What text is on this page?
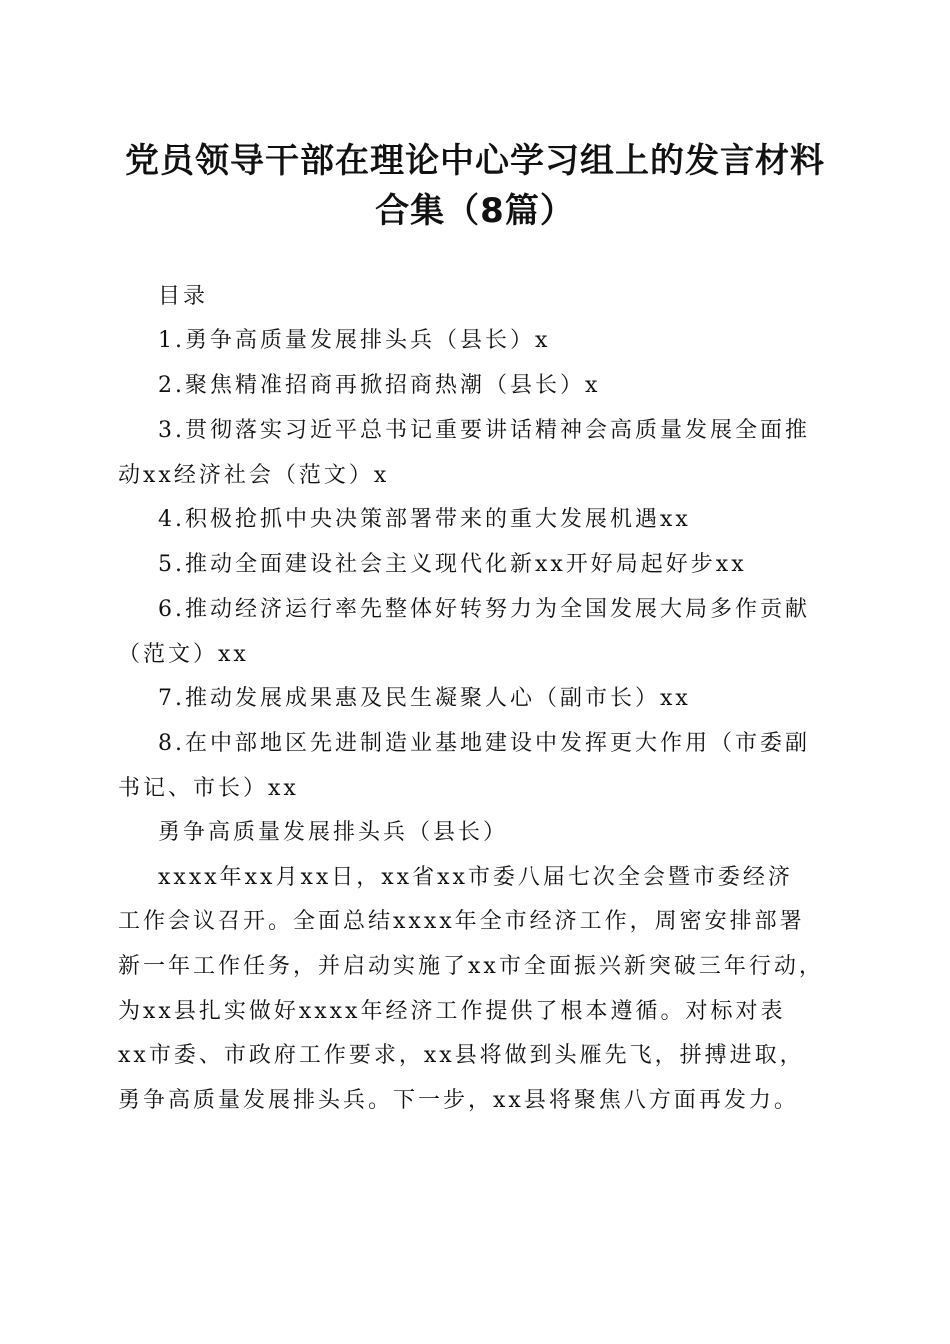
党员领导干部在理论中心学习组上的发言材料
合集（8篇）
目录
1.勇争高质量发展排头兵（县长）x
2.聚焦精准招商再掀招商热潮（县长）x
3.贯彻落实习近平总书记重要讲话精神会高质量发展全面推
动xx经济社会（范文）x
4.积极抢抓中央决策部署带来的重大发展机遇xx
5.推动全面建设社会主义现代化新xx开好局起好步xx
6.推动经济运行率先整体好转努力为全国发展大局多作贡献
（范文）xx
7.推动发展成果惠及民生凝聚人心（副市长）xx
8.在中部地区先进制造业基地建设中发挥更大作用（市委副
书记、市长）xx
勇争高质量发展排头兵（县长）
xxxx年xx月xx日，xx省xx市委八届七次全会暨市委经济
工作会议召开。全面总结xxxx年全市经济工作，周密安排部署
新一年工作任务，并启动实施了xx市全面振兴新突破三年行动，
为xx县扎实做好xxxx年经济工作提供了根本遵循。对标对表
xx市委、市政府工作要求，xx县将做到头雁先飞，拼搏进取，
勇争高质量发展排头兵。下一步，xx县将聚焦八方面再发力。
